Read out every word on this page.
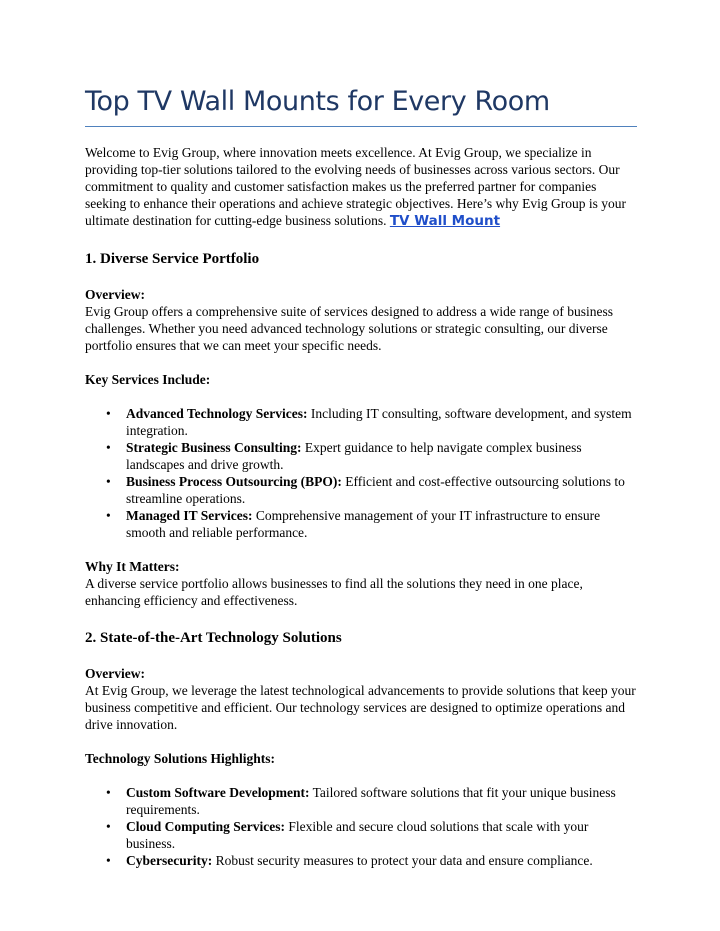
Top TV Wall Mounts for Every Room

Welcome to Evig Group, where innovation meets excellence. At Evig Group, we specialize in providing top-tier solutions tailored to the evolving needs of businesses across various sectors. Our commitment to quality and customer satisfaction makes us the preferred partner for companies seeking to enhance their operations and achieve strategic objectives. Here’s why Evig Group is your ultimate destination for cutting-edge business solutions. TV Wall Mount

1. Diverse Service Portfolio
Overview:
Evig Group offers a comprehensive suite of services designed to address a wide range of business challenges. Whether you need advanced technology solutions or strategic consulting, our diverse portfolio ensures that we can meet your specific needs.
Key Services Include:
• Advanced Technology Services: Including IT consulting, software development, and system integration.
• Strategic Business Consulting: Expert guidance to help navigate complex business landscapes and drive growth.
• Business Process Outsourcing (BPO): Efficient and cost-effective outsourcing solutions to streamline operations.
• Managed IT Services: Comprehensive management of your IT infrastructure to ensure smooth and reliable performance.
Why It Matters:
A diverse service portfolio allows businesses to find all the solutions they need in one place, enhancing efficiency and effectiveness.
2. State-of-the-Art Technology Solutions
Overview:
At Evig Group, we leverage the latest technological advancements to provide solutions that keep your business competitive and efficient. Our technology services are designed to optimize operations and drive innovation.
Technology Solutions Highlights:
• Custom Software Development: Tailored software solutions that fit your unique business requirements.
• Cloud Computing Services: Flexible and secure cloud solutions that scale with your business.
• Cybersecurity: Robust security measures to protect your data and ensure compliance.
